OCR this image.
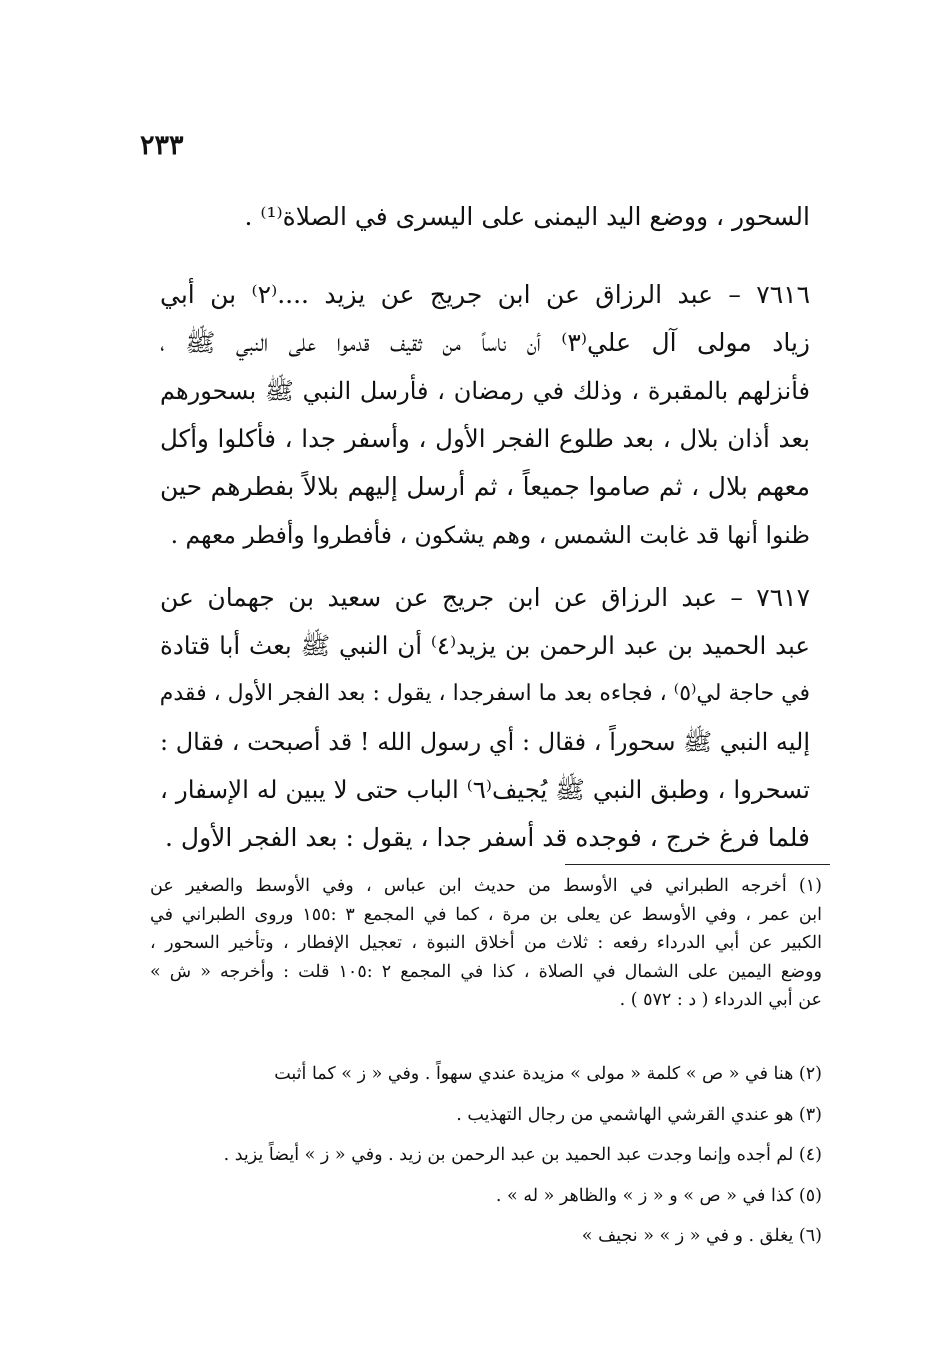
٢٣٣
السحور ، ووضع اليد اليمنى على اليسرى في الصلاة⁽¹⁾ .
٧٦١٦ – عبد الرزاق عن ابن جريج عن يزيد ....⁽٢⁾ بن أبي
زياد مولى آل علي⁽٣⁾ أن ناساً من ثقيف قدموا على النبي ﷺ ،
فأنزلهم بالمقبرة ، وذلك في رمضان ، فأرسل النبي ﷺ بسحورهم
بعد أذان بلال ، بعد طلوع الفجر الأول ، وأسفر جدا ، فأكلوا وأكل
معهم بلال ، ثم صاموا جميعاً ، ثم أرسل إليهم بلالاً بفطرهم حين
ظنوا أنها قد غابت الشمس ، وهم يشكون ، فأفطروا وأفطر معهم .
٧٦١٧ – عبد الرزاق عن ابن جريج عن سعيد بن جهمان عن
عبد الحميد بن عبد الرحمن بن يزيد⁽٤⁾ أن النبي ﷺ بعث أبا قتادة
في حاجة لي⁽٥⁾ ، فجاءه بعد ما اسفرجدا ، يقول : بعد الفجر الأول ، فقدم
إليه النبي ﷺ سحوراً ، فقال : أي رسول الله ! قد أصبحت ، فقال :
تسحروا ، وطبق النبي ﷺ يُجيف⁽٦⁾ الباب حتى لا يبين له الإسفار ،
فلما فرغ خرج ، فوجده قد أسفر جدا ، يقول : بعد الفجر الأول .
(١) أخرجه الطبراني في الأوسط من حديث ابن عباس ، وفي الأوسط والصغير عن
ابن عمر ، وفي الأوسط عن يعلى بن مرة ، كما في المجمع ٣ :١٥٥ وروى الطبراني في
الكبير عن أبي الدرداء رفعه : ثلاث من أخلاق النبوة ، تعجيل الإفطار ، وتأخير السحور ،
ووضع اليمين على الشمال في الصلاة ، كذا في المجمع ٢ :١٠٥ قلت : وأخرجه « ش »
عن أبي الدرداء ( د : ٥٧٢ ) .
(٢) هنا في « ص » كلمة « مولى » مزيدة عندي سهواً . وفي « ز » كما أثبت
(٣) هو عندي القرشي الهاشمي من رجال التهذيب .
(٤) لم أجده وإنما وجدت عبد الحميد بن عبد الرحمن بن زيد . وفي « ز » أيضاً يزيد .
(٥) كذا في « ص » و « ز » والظاهر « له » .
(٦) يغلق . و في « ز » « نجيف »
